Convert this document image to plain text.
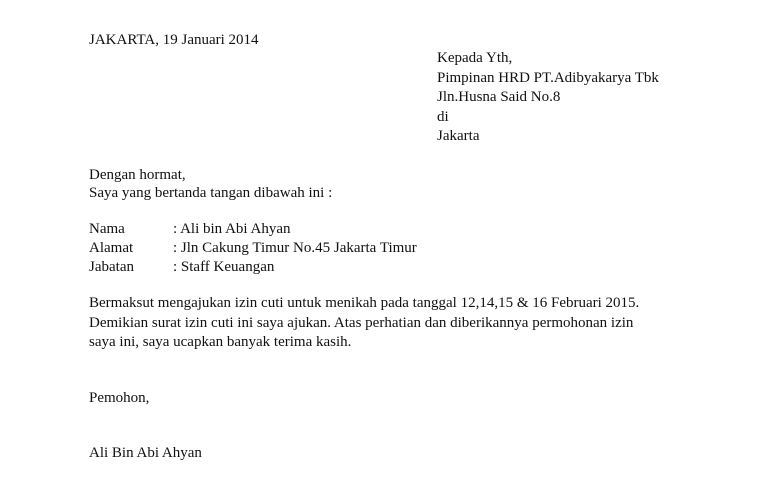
JAKARTA, 19 Januari 2014
Kepada Yth,
Pimpinan HRD PT.Adibyakarya Tbk
Jln.Husna Said No.8
di
Jakarta
Dengan hormat,
Saya yang bertanda tangan dibawah ini :
Nama	: Ali bin Abi Ahyan
Alamat	: Jln Cakung Timur No.45 Jakarta Timur
Jabatan	: Staff Keuangan
Bermaksut mengajukan izin cuti untuk menikah pada tanggal 12,14,15 & 16 Februari 2015.
Demikian surat izin cuti ini saya ajukan. Atas perhatian dan diberikannya permohonan izin
saya ini, saya ucapkan banyak terima kasih.
Pemohon,
Ali Bin Abi Ahyan
